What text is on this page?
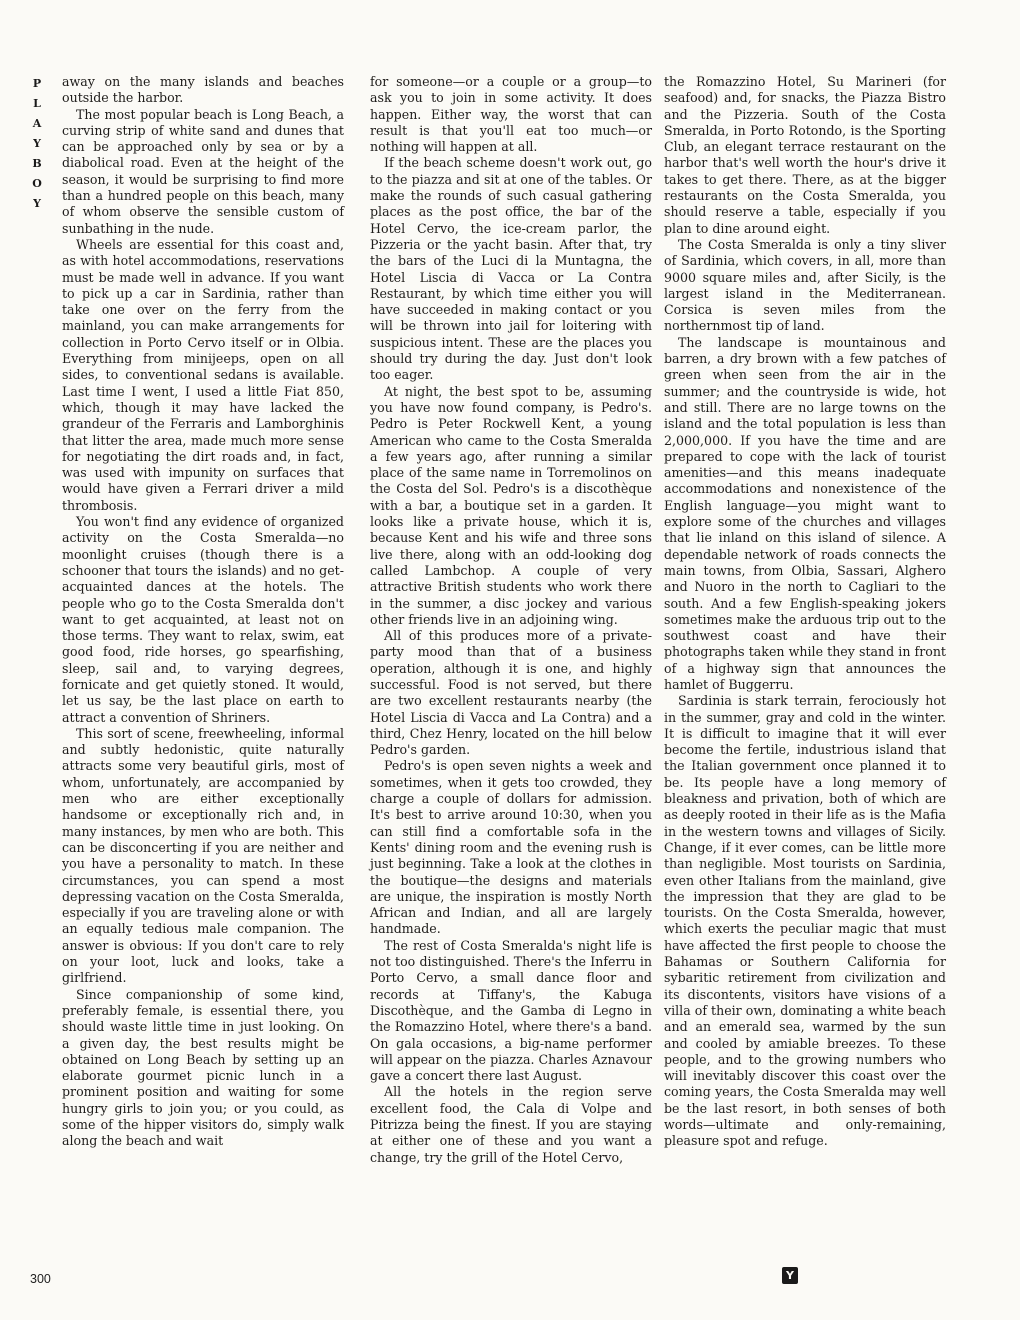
P
L
A
Y
B
O
Y

away on the many islands and beaches outside the harbor.

The most popular beach is Long Beach, a curving strip of white sand and dunes that can be approached only by sea or by a diabolical road. Even at the height of the season, it would be surprising to find more than a hundred people on this beach, many of whom observe the sensible custom of sunbathing in the nude.

Wheels are essential for this coast and, as with hotel accommodations, reservations must be made well in advance. If you want to pick up a car in Sardinia, rather than take one over on the ferry from the mainland, you can make arrangements for collection in Porto Cervo itself or in Olbia. Everything from minijeeps, open on all sides, to conventional sedans is available. Last time I went, I used a little Fiat 850, which, though it may have lacked the grandeur of the Ferraris and Lamborghinis that litter the area, made much more sense for negotiating the dirt roads and, in fact, was used with impunity on surfaces that would have given a Ferrari driver a mild thrombosis.

You won't find any evidence of organized activity on the Costa Smeralda—no moonlight cruises (though there is a schooner that tours the islands) and no get-acquainted dances at the hotels. The people who go to the Costa Smeralda don't want to get acquainted, at least not on those terms. They want to relax, swim, eat good food, ride horses, go spearfishing, sleep, sail and, to varying degrees, fornicate and get quietly stoned. It would, let us say, be the last place on earth to attract a convention of Shriners.

This sort of scene, freewheeling, informal and subtly hedonistic, quite naturally attracts some very beautiful girls, most of whom, unfortunately, are accompanied by men who are either exceptionally handsome or exceptionally rich and, in many instances, by men who are both. This can be disconcerting if you are neither and you have a personality to match. In these circumstances, you can spend a most depressing vacation on the Costa Smeralda, especially if you are traveling alone or with an equally tedious male companion. The answer is obvious: If you don't care to rely on your loot, luck and looks, take a girlfriend.

Since companionship of some kind, preferably female, is essential there, you should waste little time in just looking. On a given day, the best results might be obtained on Long Beach by setting up an elaborate gourmet picnic lunch in a prominent position and waiting for some hungry girls to join you; or you could, as some of the hipper visitors do, simply walk along the beach and wait

for someone—or a couple or a group—to ask you to join in some activity. It does happen. Either way, the worst that can result is that you'll eat too much—or nothing will happen at all.

If the beach scheme doesn't work out, go to the piazza and sit at one of the tables. Or make the rounds of such casual gathering places as the post office, the bar of the Hotel Cervo, the ice-cream parlor, the Pizzeria or the yacht basin. After that, try the bars of the Luci di la Muntagna, the Hotel Liscia di Vacca or La Contra Restaurant, by which time either you will have succeeded in making contact or you will be thrown into jail for loitering with suspicious intent. These are the places you should try during the day. Just don't look too eager.

At night, the best spot to be, assuming you have now found company, is Pedro's. Pedro is Peter Rockwell Kent, a young American who came to the Costa Smeralda a few years ago, after running a similar place of the same name in Torremolinos on the Costa del Sol. Pedro's is a discothèque with a bar, a boutique set in a garden. It looks like a private house, which it is, because Kent and his wife and three sons live there, along with an odd-looking dog called Lambchop. A couple of very attractive British students who work there in the summer, a disc jockey and various other friends live in an adjoining wing.

All of this produces more of a private-party mood than that of a business operation, although it is one, and highly successful. Food is not served, but there are two excellent restaurants nearby (the Hotel Liscia di Vacca and La Contra) and a third, Chez Henry, located on the hill below Pedro's garden.

Pedro's is open seven nights a week and sometimes, when it gets too crowded, they charge a couple of dollars for admission. It's best to arrive around 10:30, when you can still find a comfortable sofa in the Kents' dining room and the evening rush is just beginning. Take a look at the clothes in the boutique—the designs and materials are unique, the inspiration is mostly North African and Indian, and all are largely handmade.

The rest of Costa Smeralda's night life is not too distinguished. There's the Inferru in Porto Cervo, a small dance floor and records at Tiffany's, the Kabuga Discothèque, and the Gamba di Legno in the Romazzino Hotel, where there's a band. On gala occasions, a big-name performer will appear on the piazza. Charles Aznavour gave a concert there last August.

All the hotels in the region serve excellent food, the Cala di Volpe and Pitrizza being the finest. If you are staying at either one of these and you want a change, try the grill of the Hotel Cervo,

the Romazzino Hotel, Su Marineri (for seafood) and, for snacks, the Piazza Bistro and the Pizzeria. South of the Costa Smeralda, in Porto Rotondo, is the Sporting Club, an elegant terrace restaurant on the harbor that's well worth the hour's drive it takes to get there. There, as at the bigger restaurants on the Costa Smeralda, you should reserve a table, especially if you plan to dine around eight.

The Costa Smeralda is only a tiny sliver of Sardinia, which covers, in all, more than 9000 square miles and, after Sicily, is the largest island in the Mediterranean. Corsica is seven miles from the northernmost tip of land.

The landscape is mountainous and barren, a dry brown with a few patches of green when seen from the air in the summer; and the countryside is wide, hot and still. There are no large towns on the island and the total population is less than 2,000,000. If you have the time and are prepared to cope with the lack of tourist amenities—and this means inadequate accommodations and nonexistence of the English language—you might want to explore some of the churches and villages that lie inland on this island of silence. A dependable network of roads connects the main towns, from Olbia, Sassari, Alghero and Nuoro in the north to Cagliari to the south. And a few English-speaking jokers sometimes make the arduous trip out to the southwest coast and have their photographs taken while they stand in front of a highway sign that announces the hamlet of Buggerru.

Sardinia is stark terrain, ferociously hot in the summer, gray and cold in the winter. It is difficult to imagine that it will ever become the fertile, industrious island that the Italian government once planned it to be. Its people have a long memory of bleakness and privation, both of which are as deeply rooted in their life as is the Mafia in the western towns and villages of Sicily. Change, if it ever comes, can be little more than negligible. Most tourists on Sardinia, even other Italians from the mainland, give the impression that they are glad to be tourists. On the Costa Smeralda, however, which exerts the peculiar magic that must have affected the first people to choose the Bahamas or Southern California for sybaritic retirement from civilization and its discontents, visitors have visions of a villa of their own, dominating a white beach and an emerald sea, warmed by the sun and cooled by amiable breezes. To these people, and to the growing numbers who will inevitably discover this coast over the coming years, the Costa Smeralda may well be the last resort, in both senses of both words—ultimate and only-remaining, pleasure spot and refuge.

300	Y
